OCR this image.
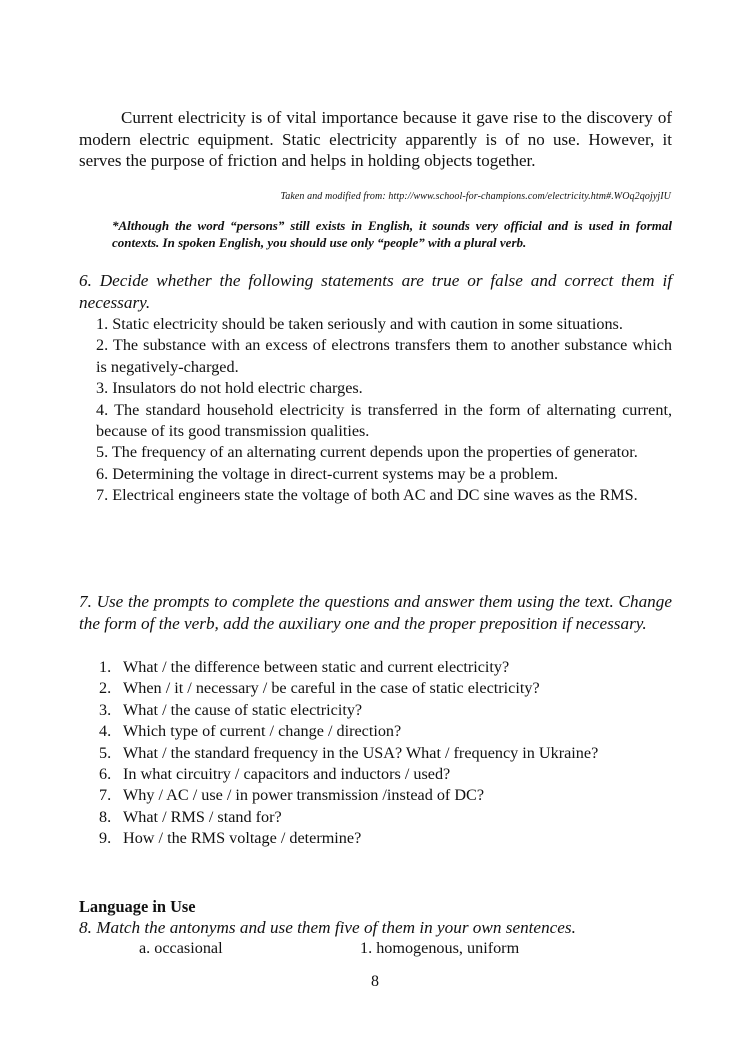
Current electricity is of vital importance because it gave rise to the discovery of modern electric equipment. Static electricity apparently is of no use. However, it serves the purpose of friction and helps in holding objects together.

Taken and modified from: http://www.school-for-champions.com/electricity.htm#.WOq2qojyjIU

*Although the word “persons” still exists in English, it sounds very official and is used in formal contexts. In spoken English, you should use only “people” with a plural verb.

6. Decide whether the following statements are true or false and correct them if necessary.

1. Static electricity should be taken seriously and with caution in some situations.
2. The substance with an excess of electrons transfers them to another substance which is negatively-charged.
3. Insulators do not hold electric charges.
4. The standard household electricity is transferred in the form of alternating current, because of its good transmission qualities.
5. The frequency of an alternating current depends upon the properties of generator.
6. Determining the voltage in direct-current systems may be a problem.
7. Electrical engineers state the voltage of both AC and DC sine waves as the RMS.

7. Use the prompts to complete the questions and answer them using the text. Change the form of the verb, add the auxiliary one and the proper preposition if necessary.

1. What / the difference between static and current electricity?
2. When / it / necessary / be careful in the case of static electricity?
3. What / the cause of static electricity?
4. Which type of current / change / direction?
5. What / the standard frequency in the USA? What / frequency in Ukraine?
6. In what circuitry / capacitors and inductors / used?
7. Why / AC / use / in power transmission /instead of DC?
8. What / RMS / stand for?
9. How / the RMS voltage / determine?

Language in Use

8. Match the antonyms and use them five of them in your own sentences.

a. occasional	1. homogenous, uniform

8
